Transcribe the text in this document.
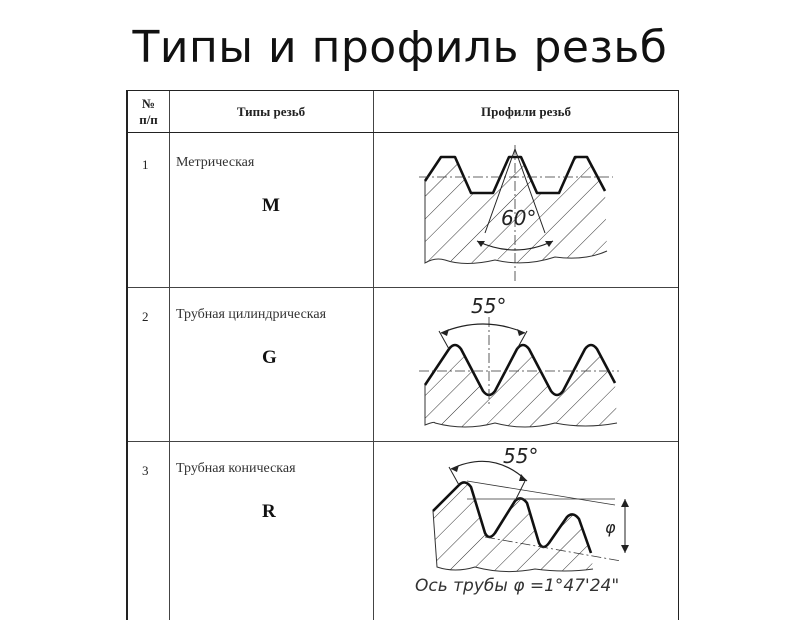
Типы и профиль резьб
№
п/п
Типы резьб	Профили резьб
1 Метрическая
M
60°
2 Трубная цилиндрическая
G
55°
3 Трубная коническая
R
55°
φ
Ось трубы φ =1°47'24"
